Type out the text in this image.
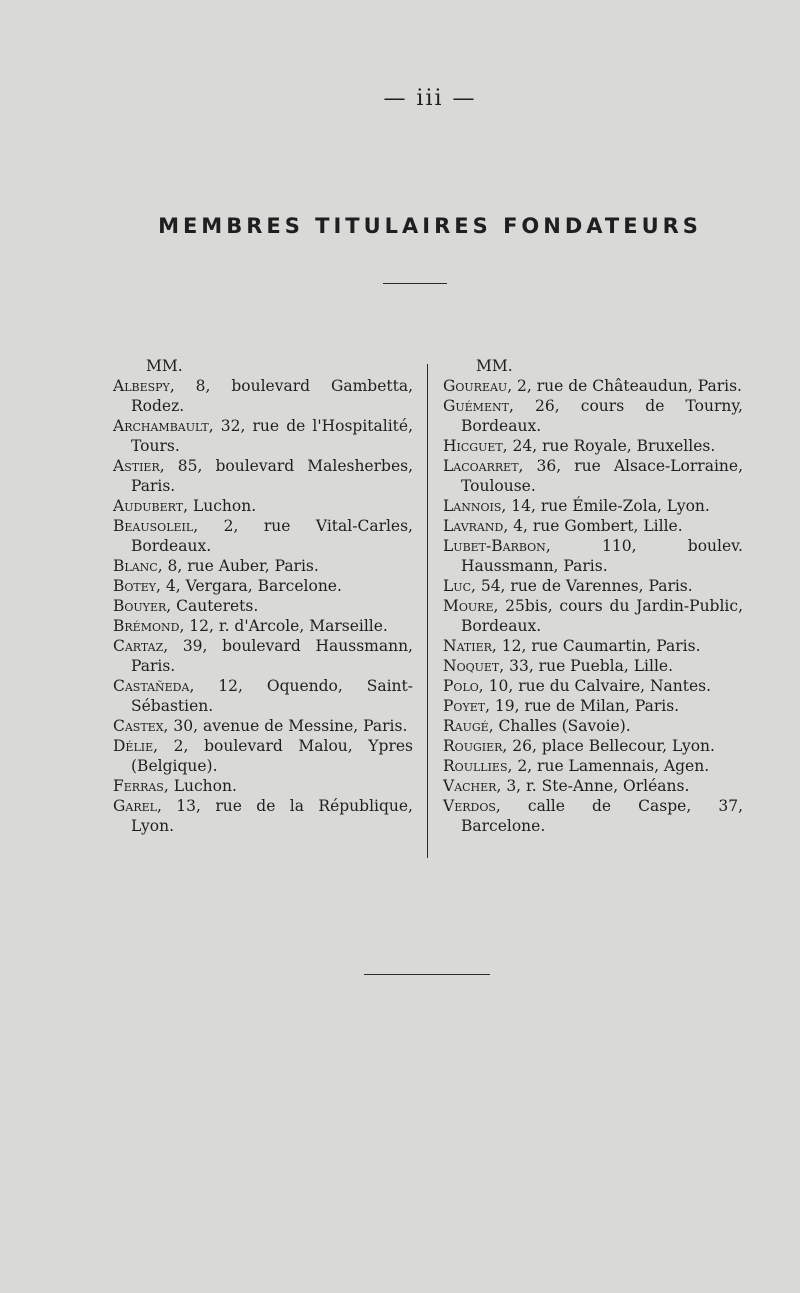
— iii —
MEMBRES TITULAIRES FONDATEURS
MM.
Albespy, 8, boulevard Gambetta, Rodez.
Archambault, 32, rue de l'Hospitalité, Tours.
Astier, 85, boulevard Malesherbes, Paris.
Audubert, Luchon.
Beausoleil, 2, rue Vital-Carles, Bordeaux.
Blanc, 8, rue Auber, Paris.
Botey, 4, Vergara, Barcelone.
Bouyer, Cauterets.
Brémond, 12, r. d'Arcole, Marseille.
Cartaz, 39, boulevard Haussmann, Paris.
Castañeda, 12, Oquendo, Saint-Sébastien.
Castex, 30, avenue de Messine, Paris.
Délie, 2, boulevard Malou, Ypres (Belgique).
Ferras, Luchon.
Garel, 13, rue de la République, Lyon.
MM.
Goureau, 2, rue de Châteaudun, Paris.
Guément, 26, cours de Tourny, Bordeaux.
Hicguet, 24, rue Royale, Bruxelles.
Lacoarret, 36, rue Alsace-Lorraine, Toulouse.
Lannois, 14, rue Émile-Zola, Lyon.
Lavrand, 4, rue Gombert, Lille.
Lubet-Barbon, 110, boulev. Haussmann, Paris.
Luc, 54, rue de Varennes, Paris.
Moure, 25bis, cours du Jardin-Public, Bordeaux.
Natier, 12, rue Caumartin, Paris.
Noquet, 33, rue Puebla, Lille.
Polo, 10, rue du Calvaire, Nantes.
Poyet, 19, rue de Milan, Paris.
Raugé, Challes (Savoie).
Rougier, 26, place Bellecour, Lyon.
Roullies, 2, rue Lamennais, Agen.
Vacher, 3, r. Ste-Anne, Orléans.
Verdos, calle de Caspe, 37, Barcelone.
